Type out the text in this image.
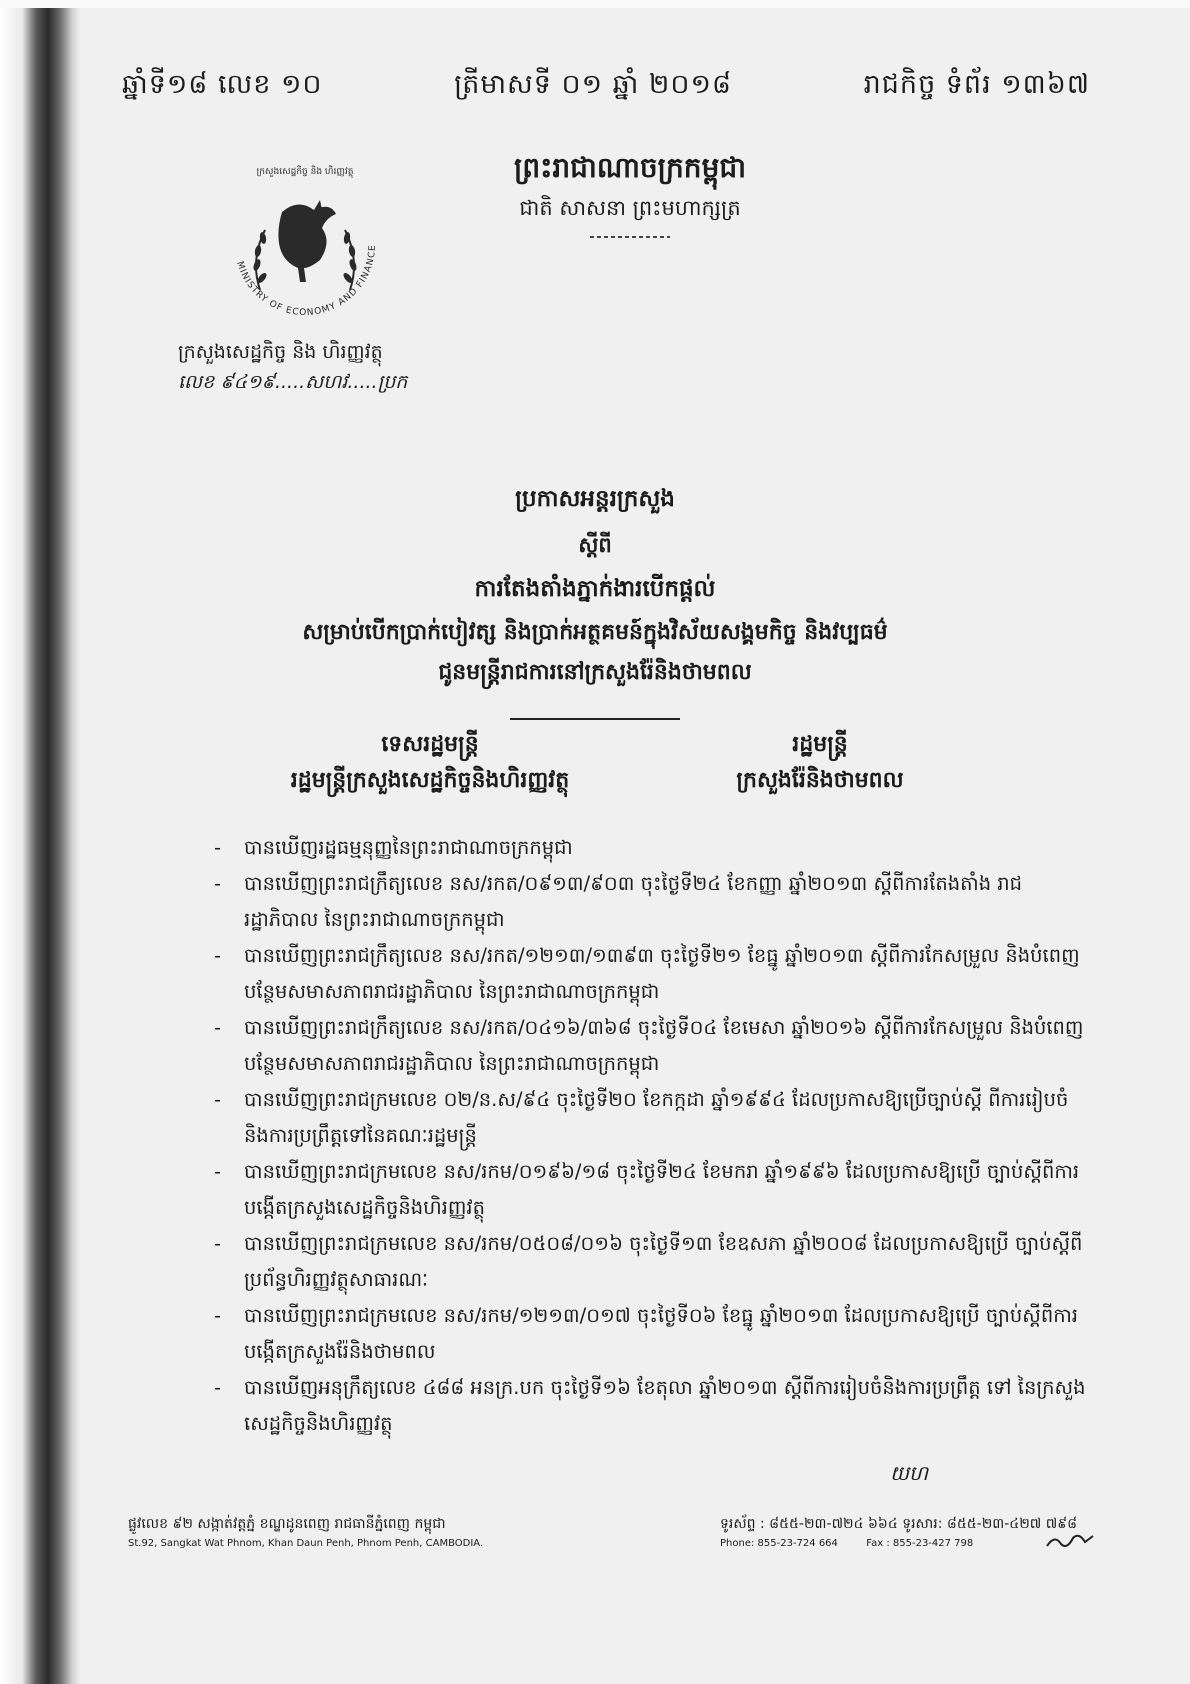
ឆ្នាំទី១៨ លេខ ១០	ត្រីមាសទី ០១ ឆ្នាំ ២០១៨	រាជកិច្ច ទំព័រ ១៣៦៧
ព្រះរាជាណាចក្រកម្ពុជា
ជាតិ សាសនា ព្រះមហាក្សត្រ
MINISTRY OF ECONOMY AND FINANCE
ក្រសួងសេដ្ឋកិច្ច និង ហិរញ្ញវត្ថុ
ក្រសួងសេដ្ឋកិច្ច និង ហិរញ្ញវត្ថុ
លេខ ៩៤១៩.....សហវ.....ប្រក
ប្រកាសអន្តរក្រសួង
ស្តីពី
ការតែងតាំងភ្នាក់ងារបើកផ្តល់
សម្រាប់បើកប្រាក់បៀវត្ស និងប្រាក់អត្ថគមន៍ក្នុងវិស័យសង្គមកិច្ច និងវប្បធម៌
ជូនមន្ត្រីរាជការនៅក្រសួងរ៉ែនិងថាមពល
ទេសរដ្ឋមន្ត្រី
រដ្ឋមន្ត្រីក្រសួងសេដ្ឋកិច្ចនិងហិរញ្ញវត្ថុ
រដ្ឋមន្ត្រី
ក្រសួងរ៉ែនិងថាមពល
- បានឃើញរដ្ឋធម្មនុញ្ញនៃព្រះរាជាណាចក្រកម្ពុជា
- បានឃើញព្រះរាជក្រឹត្យលេខ នស/រកត/០៩១៣/៩០៣ ចុះថ្ងៃទី២៤ ខែកញ្ញា ឆ្នាំ២០១៣ ស្តីពីការតែងតាំង រាជរដ្ឋាភិបាល នៃព្រះរាជាណាចក្រកម្ពុជា
- បានឃើញព្រះរាជក្រឹត្យលេខ នស/រកត/១២១៣/១៣៩៣ ចុះថ្ងៃទី២១ ខែធ្នូ ឆ្នាំ២០១៣ ស្តីពីការកែសម្រួល និងបំពេញបន្ថែមសមាសភាពរាជរដ្ឋាភិបាល នៃព្រះរាជាណាចក្រកម្ពុជា
- បានឃើញព្រះរាជក្រឹត្យលេខ នស/រកត/០៤១៦/៣៦៨ ចុះថ្ងៃទី០៤ ខែមេសា ឆ្នាំ២០១៦ ស្តីពីការកែសម្រួល និងបំពេញបន្ថែមសមាសភាពរាជរដ្ឋាភិបាល នៃព្រះរាជាណាចក្រកម្ពុជា
- បានឃើញព្រះរាជក្រមលេខ ០២/ន.ស/៩៤ ចុះថ្ងៃទី២០ ខែកក្កដា ឆ្នាំ១៩៩៤ ដែលប្រកាសឱ្យប្រើច្បាប់ស្តី ពីការរៀបចំ និងការប្រព្រឹត្តទៅនៃគណៈរដ្ឋមន្ត្រី
- បានឃើញព្រះរាជក្រមលេខ នស/រកម/០១៩៦/១៨ ចុះថ្ងៃទី២៤ ខែមករា ឆ្នាំ១៩៩៦ ដែលប្រកាសឱ្យប្រើ ច្បាប់ស្តីពីការបង្កើតក្រសួងសេដ្ឋកិច្ចនិងហិរញ្ញវត្ថុ
- បានឃើញព្រះរាជក្រមលេខ នស/រកម/០៥០៨/០១៦ ចុះថ្ងៃទី១៣ ខែឧសភា ឆ្នាំ២០០៨ ដែលប្រកាសឱ្យប្រើ ច្បាប់ស្តីពីប្រព័ន្ធហិរញ្ញវត្ថុសាធារណៈ
- បានឃើញព្រះរាជក្រមលេខ នស/រកម/១២១៣/០១៧ ចុះថ្ងៃទី០៦ ខែធ្នូ ឆ្នាំ២០១៣ ដែលប្រកាសឱ្យប្រើ ច្បាប់ស្តីពីការបង្កើតក្រសួងរ៉ែនិងថាមពល
- បានឃើញអនុក្រឹត្យលេខ ៤៨៨ អនក្រ.បក ចុះថ្ងៃទី១៦ ខែតុលា ឆ្នាំ២០១៣ ស្តីពីការរៀបចំនិងការប្រព្រឹត្ត ទៅ នៃក្រសួងសេដ្ឋកិច្ចនិងហិរញ្ញវត្ថុ
យហ
ផ្លូវលេខ ៩២ សង្កាត់វត្តភ្នំ ខណ្ឌដូនពេញ រាជធានីភ្នំពេញ កម្ពុជា
St.92, Sangkat Wat Phnom, Khan Daun Penh, Phnom Penh, CAMBODIA.
ទូរស័ព្ទ : ៨៥៥-២៣-៧២៤ ៦៦៤ ទូរសារ: ៨៥៥-២៣-៤២៧ ៧៩៨
Phone: 855-23-724 664	Fax : 855-23-427 798
